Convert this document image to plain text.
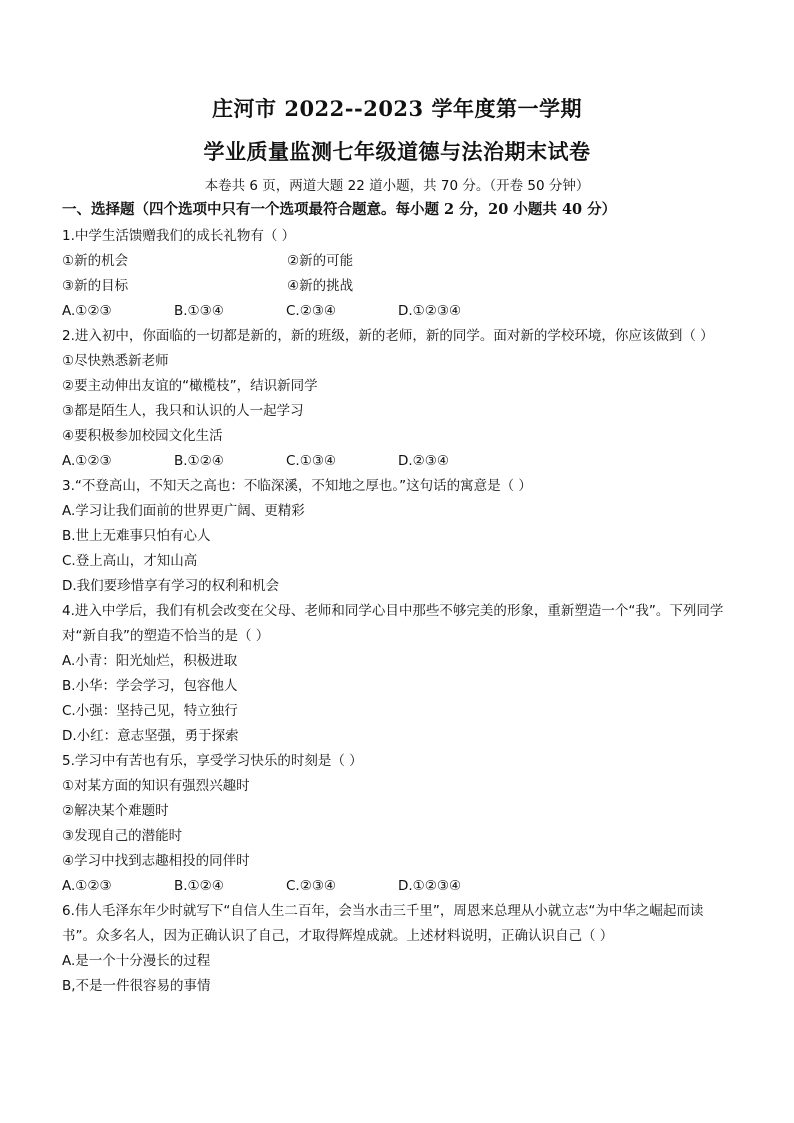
庄河市 2022--2023 学年度第一学期
学业质量监测七年级道德与法治期末试卷
本卷共 6 页，两道大题 22 道小题，共 70 分。（开卷 50 分钟）
一、选择题（四个选项中只有一个选项最符合题意。每小题 2 分，20 小题共 40 分）
1.中学生活馈赠我们的成长礼物有（ ）
①新的机会	②新的可能
③新的目标	④新的挑战
A.①②③	B.①③④	C.②③④	D.①②③④
2.进入初中，你面临的一切都是新的，新的班级，新的老师，新的同学。面对新的学校环境，你应该做到（ ）
①尽快熟悉新老师
②要主动伸出友谊的“橄榄枝”，结识新同学
③都是陌生人，我只和认识的人一起学习
④要积极参加校园文化生活
A.①②③	B.①②④	C.①③④	D.②③④
3.“不登高山，不知天之高也：不临深溪，不知地之厚也。”这句话的寓意是（ ）
A.学习让我们面前的世界更广阔、更精彩
B.世上无难事只怕有心人
C.登上高山，才知山高
D.我们要珍惜享有学习的权利和机会
4.进入中学后，我们有机会改变在父母、老师和同学心目中那些不够完美的形象，重新塑造一个“我”。下列同学对“新自我”的塑造不恰当的是（ ）
A.小青：阳光灿烂，积极进取
B.小华：学会学习，包容他人
C.小强：坚持己见，特立独行
D.小红：意志坚强，勇于探索
5.学习中有苦也有乐，享受学习快乐的时刻是（ ）
①对某方面的知识有强烈兴趣时
②解决某个难题时
③发现自己的潜能时
④学习中找到志趣相投的同伴时
A.①②③	B.①②④	C.②③④	D.①②③④
6.伟人毛泽东年少时就写下“自信人生二百年，会当水击三千里”，周恩来总理从小就立志“为中华之崛起而读书”。众多名人，因为正确认识了自己，才取得辉煌成就。上述材料说明，正确认识自己（ ）
A.是一个十分漫长的过程
B,不是一件很容易的事情
